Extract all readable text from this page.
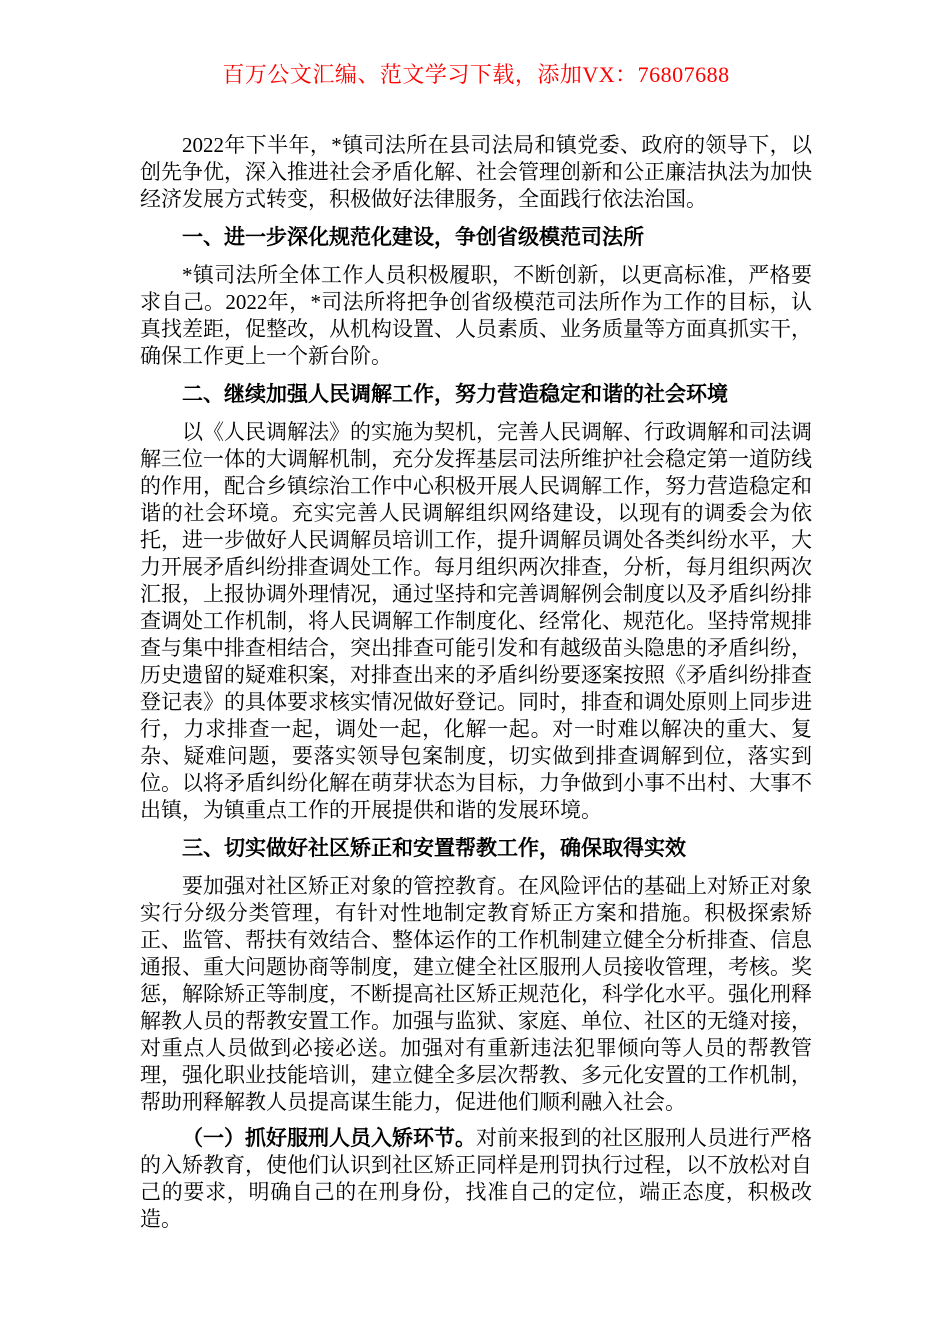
百万公文汇编、范文学习下载，添加VX：76807688

2022年下半年，*镇司法所在县司法局和镇党委、政府的领导下，以创先争优，深入推进社会矛盾化解、社会管理创新和公正廉洁执法为加快经济发展方式转变，积极做好法律服务，全面践行依法治国。

一、进一步深化规范化建设，争创省级模范司法所

*镇司法所全体工作人员积极履职，不断创新，以更高标准，严格要求自己。2022年，*司法所将把争创省级模范司法所作为工作的目标，认真找差距，促整改，从机构设置、人员素质、业务质量等方面真抓实干，确保工作更上一个新台阶。

二、继续加强人民调解工作，努力营造稳定和谐的社会环境

以《人民调解法》的实施为契机，完善人民调解、行政调解和司法调解三位一体的大调解机制，充分发挥基层司法所维护社会稳定第一道防线的作用，配合乡镇综治工作中心积极开展人民调解工作，努力营造稳定和谐的社会环境。充实完善人民调解组织网络建设，以现有的调委会为依托，进一步做好人民调解员培训工作，提升调解员调处各类纠纷水平，大力开展矛盾纠纷排查调处工作。每月组织两次排查，分析，每月组织两次汇报，上报协调外理情况，通过坚持和完善调解例会制度以及矛盾纠纷排查调处工作机制，将人民调解工作制度化、经常化、规范化。坚持常规排查与集中排查相结合，突出排查可能引发和有越级苗头隐患的矛盾纠纷，历史遗留的疑难积案，对排查出来的矛盾纠纷要逐案按照《矛盾纠纷排查登记表》的具体要求核实情况做好登记。同时，排查和调处原则上同步进行，力求排查一起，调处一起，化解一起。对一时难以解决的重大、复杂、疑难问题，要落实领导包案制度，切实做到排查调解到位，落实到位。以将矛盾纠纷化解在萌芽状态为目标，力争做到小事不出村、大事不出镇，为镇重点工作的开展提供和谐的发展环境。

三、切实做好社区矫正和安置帮教工作，确保取得实效

要加强对社区矫正对象的管控教育。在风险评估的基础上对矫正对象实行分级分类管理，有针对性地制定教育矫正方案和措施。积极探索矫正、监管、帮扶有效结合、整体运作的工作机制建立健全分析排查、信息通报、重大问题协商等制度，建立健全社区服刑人员接收管理，考核。奖惩，解除矫正等制度，不断提高社区矫正规范化，科学化水平。强化刑释解教人员的帮教安置工作。加强与监狱、家庭、单位、社区的无缝对接，对重点人员做到必接必送。加强对有重新违法犯罪倾向等人员的帮教管理，强化职业技能培训，建立健全多层次帮教、多元化安置的工作机制，帮助刑释解教人员提高谋生能力，促进他们顺利融入社会。

（一）抓好服刑人员入矫环节。对前来报到的社区服刑人员进行严格的入矫教育，使他们认识到社区矫正同样是刑罚执行过程，以不放松对自己的要求，明确自己的在刑身份，找准自己的定位，端正态度，积极改造。
